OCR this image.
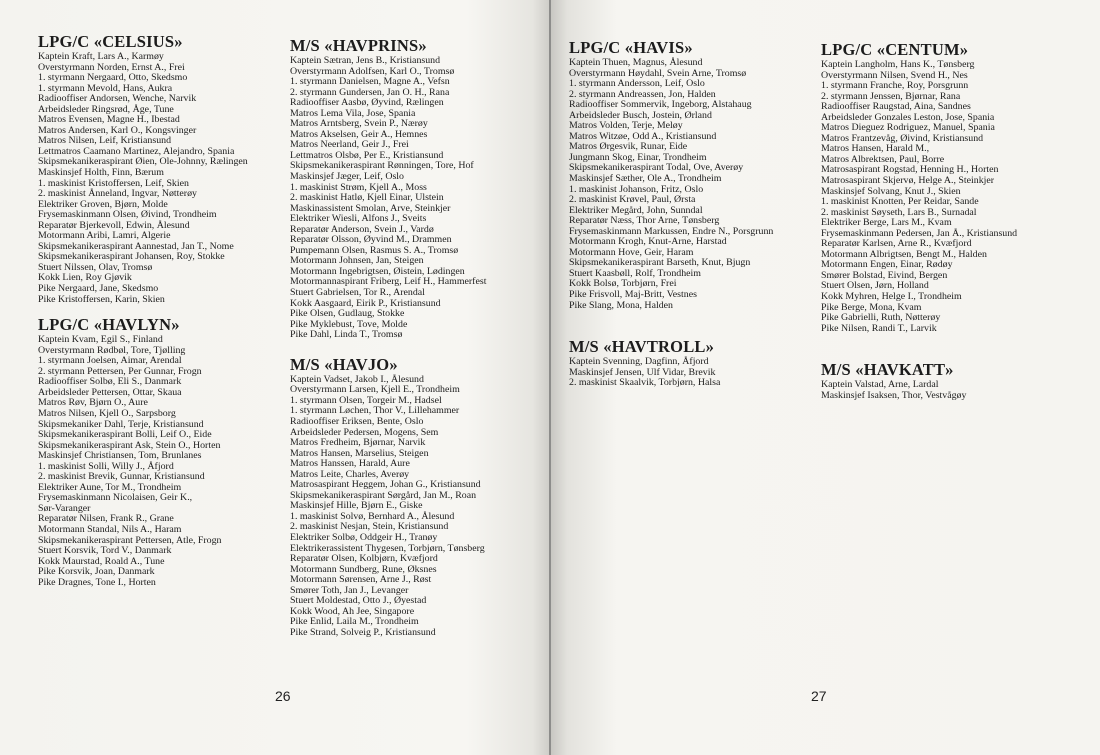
LPG/C «CELSIUS»
Kaptein Kraft, Lars A., Karmøy
Overstyrmann Norden, Ernst A., Frei
1. styrmann Nergaard, Otto, Skedsmo
1. styrmann Mevold, Hans, Aukra
Radiooffiser Andorsen, Wenche, Narvik
Arbeidsleder Ringsrød, Åge, Tune
Matros Evensen, Magne H., Ibestad
Matros Andersen, Karl O., Kongsvinger
Matros Nilsen, Leif, Kristiansund
Lettmatros Caamano Martinez, Alejandro, Spania
Skipsmekanikeraspirant Øien, Ole-Johnny, Rælingen
Maskinsjef Holth, Finn, Bærum
1. maskinist Kristoffersen, Leif, Skien
2. maskinist Ånneland, Ingvar, Nøtterøy
Elektriker Groven, Bjørn, Molde
Frysemaskinmann Olsen, Øivind, Trondheim
Reparatør Bjerkevoll, Edwin, Ålesund
Motormann Aribi, Lamri, Algerie
Skipsmekanikeraspirant Aannestad, Jan T., Nome
Skipsmekanikeraspirant Johansen, Roy, Stokke
Stuert Nilssen, Olav, Tromsø
Kokk Lien, Roy Gjøvik
Pike Nergaard, Jane, Skedsmo
Pike Kristoffersen, Karin, Skien
LPG/C «HAVLYN»
Kaptein Kvam, Egil S., Finland
Overstyrmann Rødbøl, Tore, Tjølling
1. styrmann Joelsen, Aimar, Arendal
2. styrmann Pettersen, Per Gunnar, Frogn
Radiooffiser Solbø, Eli S., Danmark
Arbeidsleder Pettersen, Ottar, Skaua
Matros Røv, Bjørn O., Aure
Matros Nilsen, Kjell O., Sarpsborg
Skipsmekaniker Dahl, Terje, Kristiansund
Skipsmekanikeraspirant Bolli, Leif O., Eide
Skipsmekanikeraspirant Ask, Stein O., Horten
Maskinsjef Christiansen, Tom, Brunlanes
1. maskinist Solli, Willy J., Åfjord
2. maskinist Brevik, Gunnar, Kristiansund
Elektriker Aune, Tor M., Trondheim
Frysemaskinmann Nicolaisen, Geir K.,
Sør-Varanger
Reparatør Nilsen, Frank R., Grane
Motormann Standal, Nils A., Haram
Skipsmekanikeraspirant Pettersen, Atle, Frogn
Stuert Korsvik, Tord V., Danmark
Kokk Maurstad, Roald A., Tune
Pike Korsvik, Joan, Danmark
Pike Dragnes, Tone I., Horten
M/S «HAVPRINS»
Kaptein Sætran, Jens B., Kristiansund
Overstyrmann Adolfsen, Karl O., Tromsø
1. styrmann Danielsen, Magne A., Vefsn
2. styrmann Gundersen, Jan O. H., Rana
Radiooffiser Aasbø, Øyvind, Rælingen
Matros Lema Vila, Jose, Spania
Matros Arntsberg, Svein P., Nærøy
Matros Akselsen, Geir A., Hemnes
Matros Neerland, Geir J., Frei
Lettmatros Olsbø, Per E., Kristiansund
Skipsmekanikeraspirant Rønningen, Tore, Hof
Maskinsjef Jæger, Leif, Oslo
1. maskinist Strøm, Kjell A., Moss
2. maskinist Hatlø, Kjell Einar, Ulstein
Maskinassistent Smolan, Arve, Steinkjer
Elektriker Wiesli, Alfons J., Sveits
Reparatør Anderson, Svein J., Vardø
Reparatør Olsson, Øyvind M., Drammen
Pumpemann Olsen, Rasmus S. A., Tromsø
Motormann Johnsen, Jan, Steigen
Motormann Ingebrigtsen, Øistein, Lødingen
Motormannaspirant Friberg, Leif H., Hammerfest
Stuert Gabrielsen, Tor R., Arendal
Kokk Aasgaard, Eirik P., Kristiansund
Pike Olsen, Gudlaug, Stokke
Pike Myklebust, Tove, Molde
Pike Dahl, Linda T., Tromsø
M/S «HAVJO»
Kaptein Vadset, Jakob I., Ålesund
Overstyrmann Larsen, Kjell E., Trondheim
1. styrmann Olsen, Torgeir M., Hadsel
1. styrmann Løchen, Thor V., Lillehammer
Radiooffiser Eriksen, Bente, Oslo
Arbeidsleder Pedersen, Mogens, Sem
Matros Fredheim, Bjørnar, Narvik
Matros Hansen, Marselius, Steigen
Matros Hanssen, Harald, Aure
Matros Leite, Charles, Averøy
Matrosaspirant Heggem, Johan G., Kristiansund
Skipsmekanikeraspirant Sørgård, Jan M., Roan
Maskinsjef Hille, Bjørn E., Giske
1. maskinist Solvø, Bernhard A., Ålesund
2. maskinist Nesjan, Stein, Kristiansund
Elektriker Solbø, Oddgeir H., Tranøy
Elektrikerassistent Thygesen, Torbjørn, Tønsberg
Reparatør Olsen, Kolbjørn, Kvæfjord
Motormann Sundberg, Rune, Øksnes
Motormann Sørensen, Arne J., Røst
Smører Toth, Jan J., Levanger
Stuert Moldestad, Otto J., Øyestad
Kokk Wood, Ah Jee, Singapore
Pike Enlid, Laila M., Trondheim
Pike Strand, Solveig P., Kristiansund
26
LPG/C «HAVIS»
Kaptein Thuen, Magnus, Ålesund
Overstyrmann Høydahl, Svein Arne, Tromsø
1. styrmann Andersson, Leif, Oslo
2. styrmann Andreassen, Jon, Halden
Radiooffiser Sommervik, Ingeborg, Alstahaug
Arbeidsleder Busch, Jostein, Ørland
Matros Volden, Terje, Meløy
Matros Witzøe, Odd A., Kristiansund
Matros Ørgesvik, Runar, Eide
Jungmann Skog, Einar, Trondheim
Skipsmekanikeraspirant Todal, Ove, Averøy
Maskinsjef Sæther, Ole A., Trondheim
1. maskinist Johanson, Fritz, Oslo
2. maskinist Krøvel, Paul, Ørsta
Elektriker Megård, John, Sunndal
Reparatør Næss, Thor Arne, Tønsberg
Frysemaskinmann Markussen, Endre N., Porsgrunn
Motormann Krogh, Knut-Arne, Harstad
Motormann Hove, Geir, Haram
Skipsmekanikeraspirant Barseth, Knut, Bjugn
Stuert Kaasbøll, Rolf, Trondheim
Kokk Bolsø, Torbjørn, Frei
Pike Frisvoll, Maj-Britt, Vestnes
Pike Slang, Mona, Halden
M/S «HAVTROLL»
Kaptein Svenning, Dagfinn, Åfjord
Maskinsjef Jensen, Ulf Vidar, Brevik
2. maskinist Skaalvik, Torbjørn, Halsa
LPG/C «CENTUM»
Kaptein Langholm, Hans K., Tønsberg
Overstyrmann Nilsen, Svend H., Nes
1. styrmann Franche, Roy, Porsgrunn
2. styrmann Jenssen, Bjørnar, Rana
Radiooffiser Raugstad, Aina, Sandnes
Arbeidsleder Gonzales Leston, Jose, Spania
Matros Dieguez Rodriguez, Manuel, Spania
Matros Frantzevåg, Øivind, Kristiansund
Matros Hansen, Harald M.,
Matros Albrektsen, Paul, Borre
Matrosaspirant Rogstad, Henning H., Horten
Matrosaspirant Skjervø, Helge A., Steinkjer
Maskinsjef Solvang, Knut J., Skien
1. maskinist Knotten, Per Reidar, Sande
2. maskinist Søyseth, Lars B., Surnadal
Elektriker Berge, Lars M., Kvam
Frysemaskinmann Pedersen, Jan Å., Kristiansund
Reparatør Karlsen, Arne R., Kvæfjord
Motormann Albrigtsen, Bengt M., Halden
Motormann Engen, Einar, Rødøy
Smører Bolstad, Eivind, Bergen
Stuert Olsen, Jørn, Holland
Kokk Myhren, Helge I., Trondheim
Pike Berge, Mona, Kvam
Pike Gabrielli, Ruth, Nøtterøy
Pike Nilsen, Randi T., Larvik
M/S «HAVKATT»
Kaptein Valstad, Arne, Lardal
Maskinsjef Isaksen, Thor, Vestvågøy
27
